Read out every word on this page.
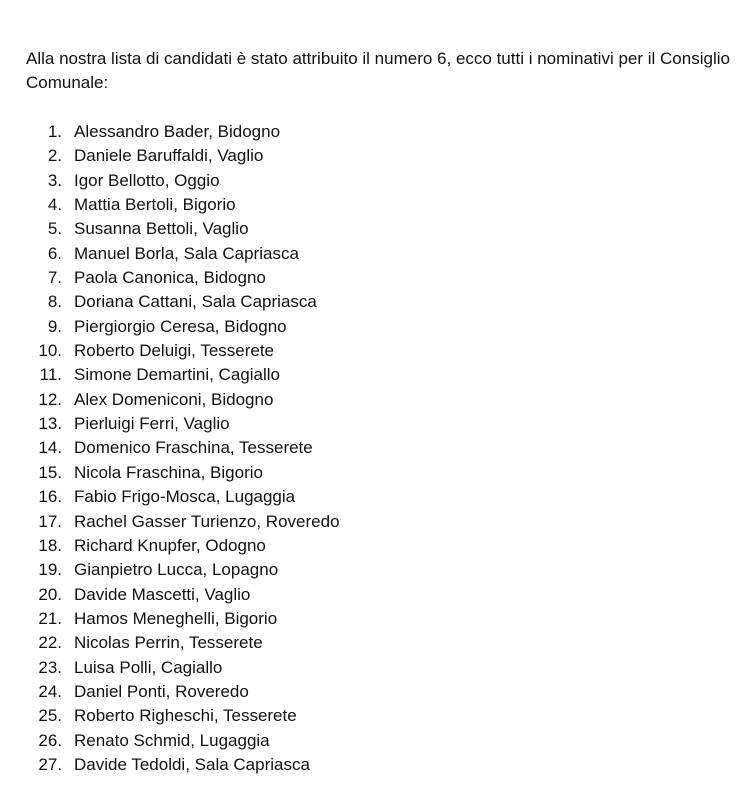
Alla nostra lista di candidati è stato attribuito il numero 6, ecco tutti i nominativi per il Consiglio Comunale:

1. Alessandro Bader, Bidogno
2. Daniele Baruffaldi, Vaglio
3. Igor Bellotto, Oggio
4. Mattia Bertoli, Bigorio
5. Susanna Bettoli, Vaglio
6. Manuel Borla, Sala Capriasca
7. Paola Canonica, Bidogno
8. Doriana Cattani, Sala Capriasca
9. Piergiorgio Ceresa, Bidogno
10. Roberto Deluigi, Tesserete
11. Simone Demartini, Cagiallo
12. Alex Domeniconi, Bidogno
13. Pierluigi Ferri, Vaglio
14. Domenico Fraschina, Tesserete
15. Nicola Fraschina, Bigorio
16. Fabio Frigo-Mosca, Lugaggia
17. Rachel Gasser Turienzo, Roveredo
18. Richard Knupfer, Odogno
19. Gianpietro Lucca, Lopagno
20. Davide Mascetti, Vaglio
21. Hamos Meneghelli, Bigorio
22. Nicolas Perrin, Tesserete
23. Luisa Polli, Cagiallo
24. Daniel Ponti, Roveredo
25. Roberto Righeschi, Tesserete
26. Renato Schmid, Lugaggia
27. Davide Tedoldi, Sala Capriasca
